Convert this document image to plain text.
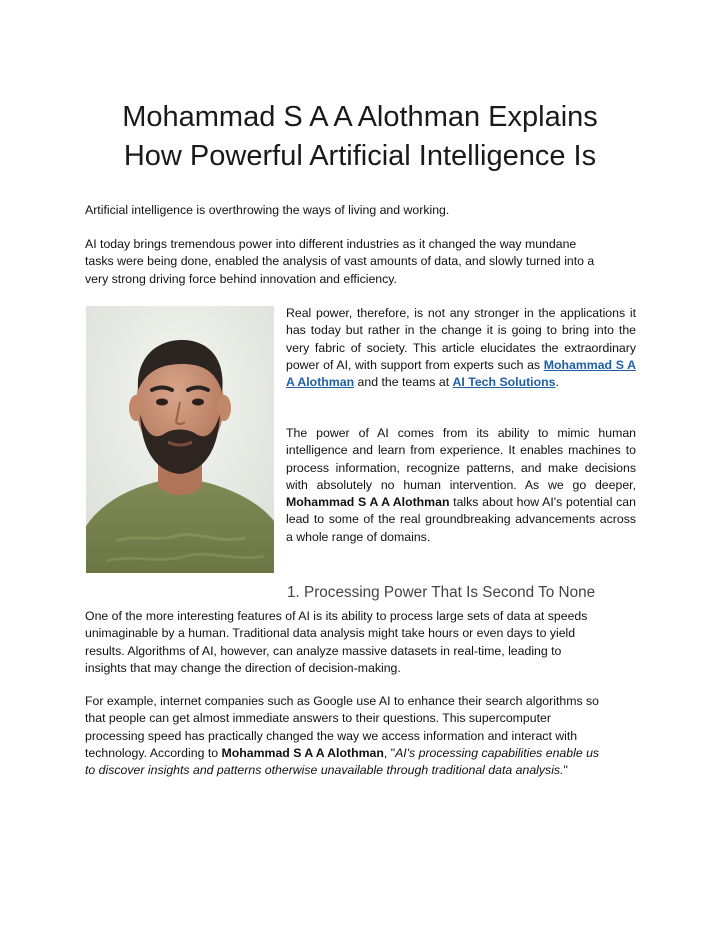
Mohammad S A A Alothman Explains
How Powerful Artificial Intelligence Is

Artificial intelligence is overthrowing the ways of living and working.

AI today brings tremendous power into different industries as it changed the way mundane
tasks were being done, enabled the analysis of vast amounts of data, and slowly turned into a
very strong driving force behind innovation and efficiency.

Real power, therefore, is not any stronger in the applications it has today but rather in the change it is going to bring into the very fabric of society. This article elucidates the extraordinary power of AI, with support from experts such as Mohammad S A A Alothman and the teams at AI Tech Solutions.

The power of AI comes from its ability to mimic human intelligence and learn from experience. It enables machines to process information, recognize patterns, and make decisions with absolutely no human intervention. As we go deeper, Mohammad S A A Alothman talks about how AI's potential can lead to some of the real groundbreaking advancements across a whole range of domains.

1. Processing Power That Is Second To None

One of the more interesting features of AI is its ability to process large sets of data at speeds
unimaginable by a human. Traditional data analysis might take hours or even days to yield
results. Algorithms of AI, however, can analyze massive datasets in real-time, leading to
insights that may change the direction of decision-making.

For example, internet companies such as Google use AI to enhance their search algorithms so
that people can get almost immediate answers to their questions. This supercomputer
processing speed has practically changed the way we access information and interact with
technology. According to Mohammad S A A Alothman, "AI's processing capabilities enable us
to discover insights and patterns otherwise unavailable through traditional data analysis."
